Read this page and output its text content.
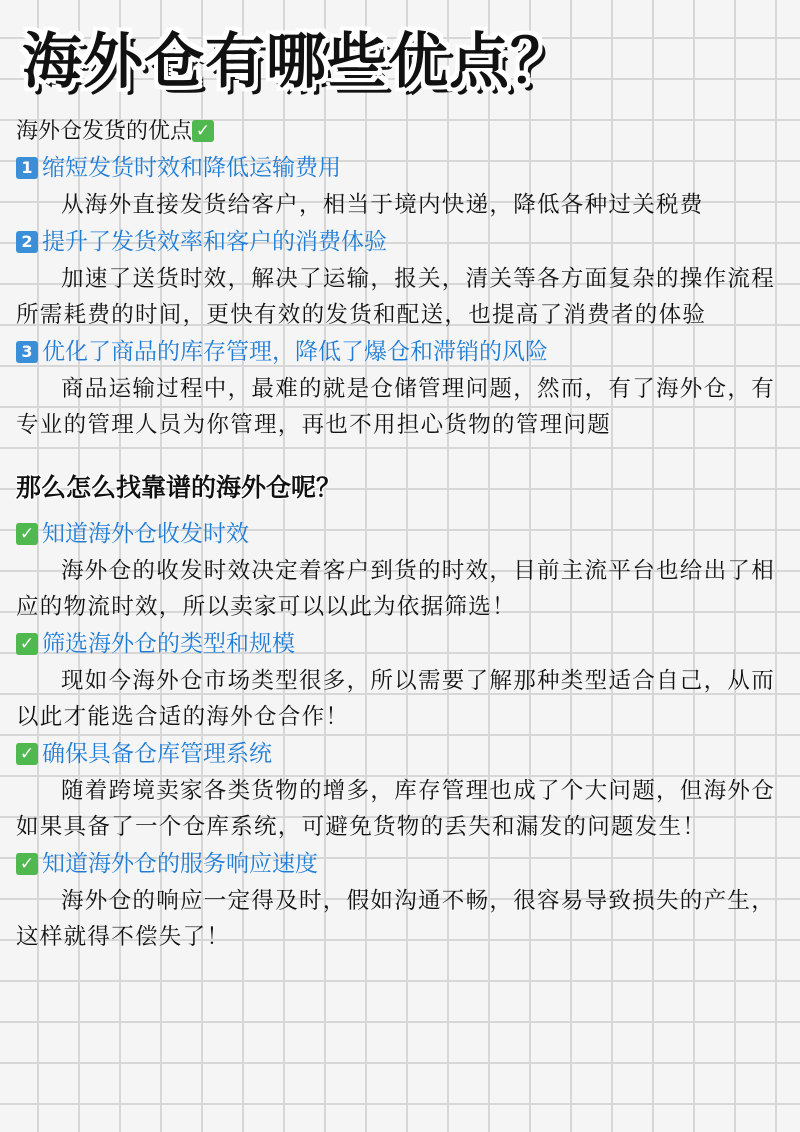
海外仓有哪些优点？
海外仓发货的优点 ✓
1 缩短发货时效和降低运输费用

从海外直接发货给客户，相当于境内快递，降低各种过关税费

2 提升了发货效率和客户的消费体验

加速了送货时效，解决了运输，报关，清关等各方面复杂的操作流程所需耗费的时间，更快有效的发货和配送，也提高了消费者的体验

3 优化了商品的库存管理，降低了爆仓和滞销的风险

商品运输过程中，最难的就是仓储管理问题，然而，有了海外仓，有专业的管理人员为你管理，再也不用担心货物的管理问题

那么怎么找靠谱的海外仓呢？
✓ 知道海外仓收发时效

海外仓的收发时效决定着客户到货的时效，目前主流平台也给出了相应的物流时效，所以卖家可以以此为依据筛选！

✓ 筛选海外仓的类型和规模

现如今海外仓市场类型很多，所以需要了解那种类型适合自己，从而以此才能选合适的海外仓合作！

✓ 确保具备仓库管理系统

随着跨境卖家各类货物的增多，库存管理也成了个大问题，但海外仓如果具备了一个仓库系统，可避免货物的丢失和漏发的问题发生！

✓ 知道海外仓的服务响应速度

海外仓的响应一定得及时，假如沟通不畅，很容易导致损失的产生，这样就得不偿失了！
